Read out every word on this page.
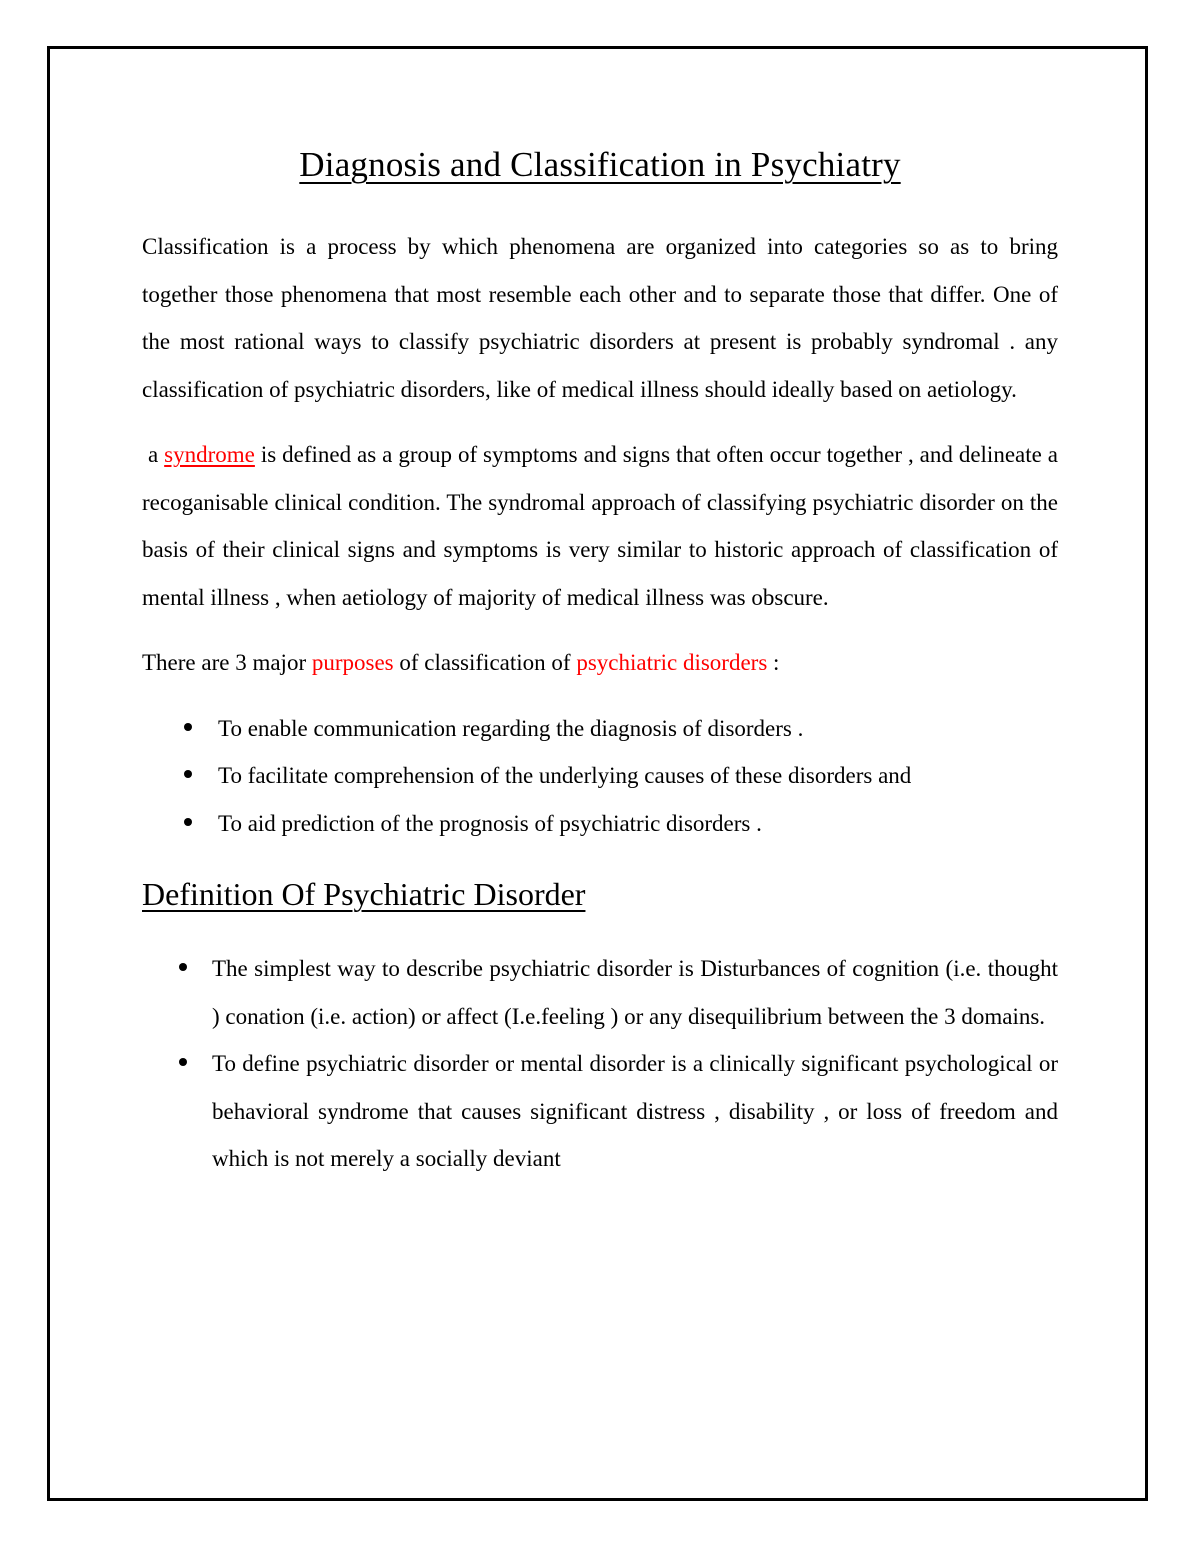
Diagnosis and Classification in Psychiatry

Classification is a process by which phenomena are organized into categories so as to bring together those phenomena that most resemble each other and to separate those that differ. One of the most rational ways to classify psychiatric disorders at present is probably syndromal . any classification of psychiatric disorders, like of medical illness should ideally based on aetiology.

a syndrome is defined as a group of symptoms and signs that often occur together , and delineate a recoganisable clinical condition. The syndromal approach of classifying psychiatric disorder on the basis of their clinical signs and symptoms is very similar to historic approach of classification of mental illness , when aetiology of majority of medical illness was obscure.

There are 3 major purposes of classification of psychiatric disorders :

To enable communication regarding the diagnosis of disorders .
To facilitate comprehension of the underlying causes of these disorders and
To aid prediction of the prognosis of psychiatric disorders .
Definition Of Psychiatric Disorder
The simplest way to describe psychiatric disorder is Disturbances of cognition (i.e. thought ) conation (i.e. action) or affect (I.e.feeling ) or any disequilibrium between the 3 domains.
To define psychiatric disorder or mental disorder is a clinically significant psychological or behavioral syndrome that causes significant distress , disability , or loss of freedom and which is not merely a socially deviant
